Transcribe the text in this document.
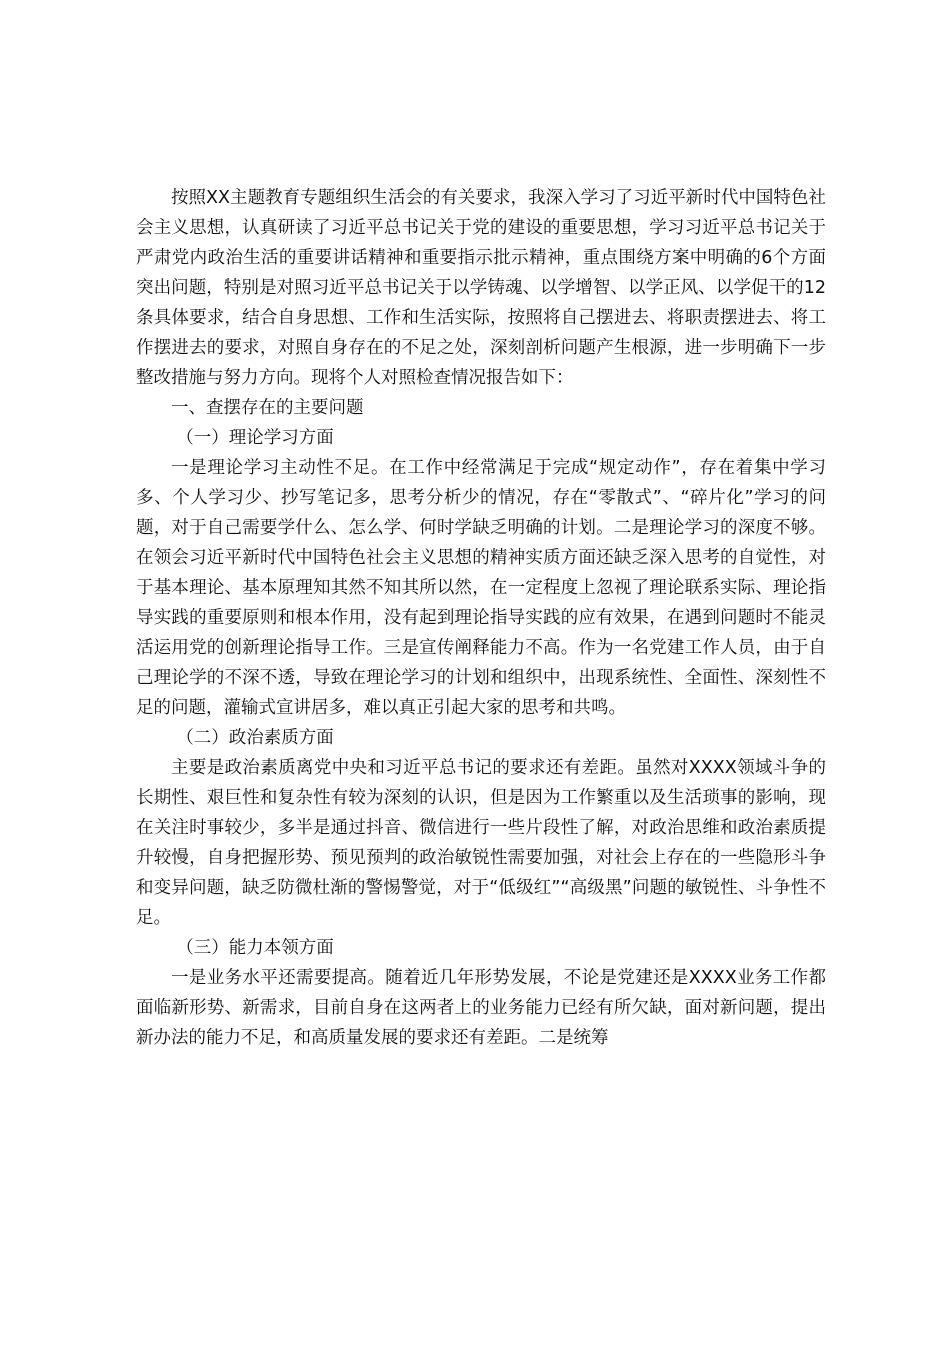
按照XX主题教育专题组织生活会的有关要求，我深入学习了习近平新时代中国特色社会主义思想，认真研读了习近平总书记关于党的建设的重要思想，学习习近平总书记关于严肃党内政治生活的重要讲话精神和重要指示批示精神，重点围绕方案中明确的6个方面突出问题，特别是对照习近平总书记关于以学铸魂、以学增智、以学正风、以学促干的12条具体要求，结合自身思想、工作和生活实际，按照将自己摆进去、将职责摆进去、将工作摆进去的要求，对照自身存在的不足之处，深刻剖析问题产生根源，进一步明确下一步整改措施与努力方向。现将个人对照检查情况报告如下：

一、查摆存在的主要问题

（一）理论学习方面

一是理论学习主动性不足。在工作中经常满足于完成“规定动作”，存在着集中学习多、个人学习少、抄写笔记多，思考分析少的情况，存在“零散式”、“碎片化”学习的问题，对于自己需要学什么、怎么学、何时学缺乏明确的计划。二是理论学习的深度不够。在领会习近平新时代中国特色社会主义思想的精神实质方面还缺乏深入思考的自觉性，对于基本理论、基本原理知其然不知其所以然，在一定程度上忽视了理论联系实际、理论指导实践的重要原则和根本作用，没有起到理论指导实践的应有效果，在遇到问题时不能灵活运用党的创新理论指导工作。三是宣传阐释能力不高。作为一名党建工作人员，由于自己理论学的不深不透，导致在理论学习的计划和组织中，出现系统性、全面性、深刻性不足的问题，灌输式宣讲居多，难以真正引起大家的思考和共鸣。

（二）政治素质方面

主要是政治素质离党中央和习近平总书记的要求还有差距。虽然对XXXX领域斗争的长期性、艰巨性和复杂性有较为深刻的认识，但是因为工作繁重以及生活琐事的影响，现在关注时事较少，多半是通过抖音、微信进行一些片段性了解，对政治思维和政治素质提升较慢，自身把握形势、预见预判的政治敏锐性需要加强，对社会上存在的一些隐形斗争和变异问题，缺乏防微杜渐的警惕警觉，对于“低级红”“高级黑”问题的敏锐性、斗争性不足。

（三）能力本领方面

一是业务水平还需要提高。随着近几年形势发展，不论是党建还是XXXX业务工作都面临新形势、新需求，目前自身在这两者上的业务能力已经有所欠缺，面对新问题，提出新办法的能力不足，和高质量发展的要求还有差距。二是统筹
